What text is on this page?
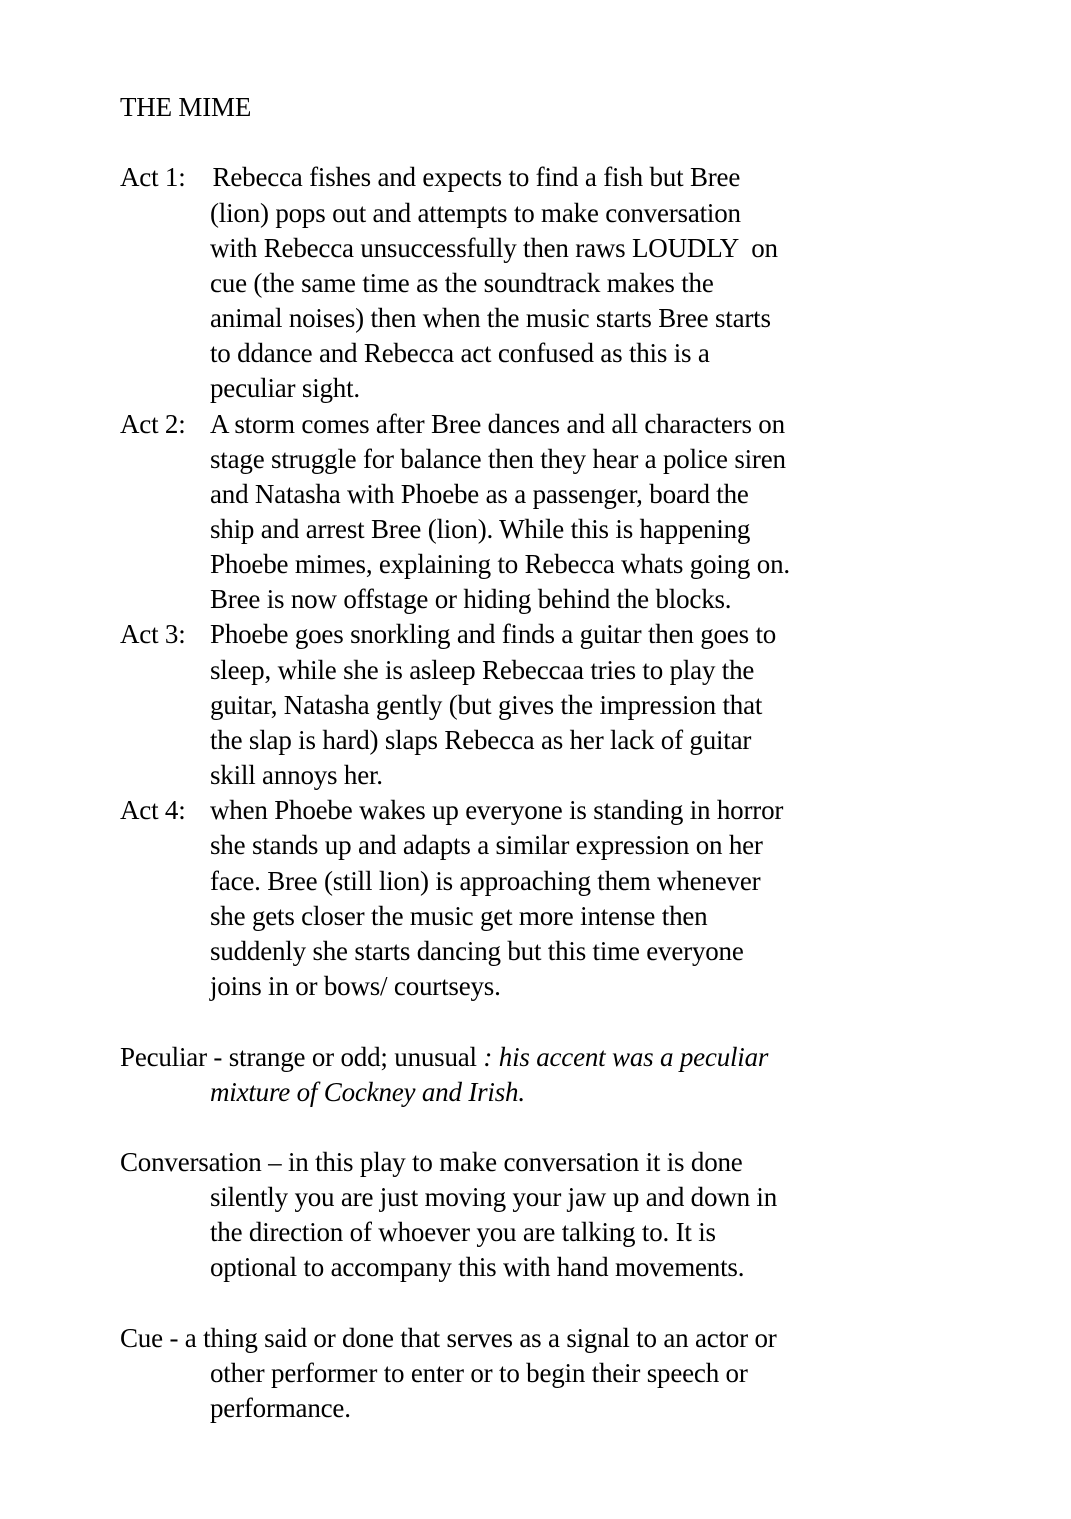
THE MIME
Act 1: Rebecca fishes and expects to find a fish but Bree
(lion) pops out and attempts to make conversation
with Rebecca unsuccessfully then raws LOUDLY  on
cue (the same time as the soundtrack makes the
animal noises) then when the music starts Bree starts
to ddance and Rebecca act confused as this is a
peculiar sight.
Act 2: A storm comes after Bree dances and all characters on
stage struggle for balance then they hear a police siren
and Natasha with Phoebe as a passenger, board the
ship and arrest Bree (lion). While this is happening
Phoebe mimes, explaining to Rebecca whats going on.
Bree is now offstage or hiding behind the blocks.
Act 3: Phoebe goes snorkling and finds a guitar then goes to
sleep, while she is asleep Rebeccaa tries to play the
guitar, Natasha gently (but gives the impression that
the slap is hard) slaps Rebecca as her lack of guitar
skill annoys her.
Act 4: when Phoebe wakes up everyone is standing in horror
she stands up and adapts a similar expression on her
face. Bree (still lion) is approaching them whenever
she gets closer the music get more intense then
suddenly she starts dancing but this time everyone
joins in or bows/ courtseys.
Peculiar - strange or odd; unusual : his accent was a peculiar
mixture of Cockney and Irish.
Conversation – in this play to make conversation it is done
silently you are just moving your jaw up and down in
the direction of whoever you are talking to. It is
optional to accompany this with hand movements.
Cue - a thing said or done that serves as a signal to an actor or
other performer to enter or to begin their speech or
performance.
